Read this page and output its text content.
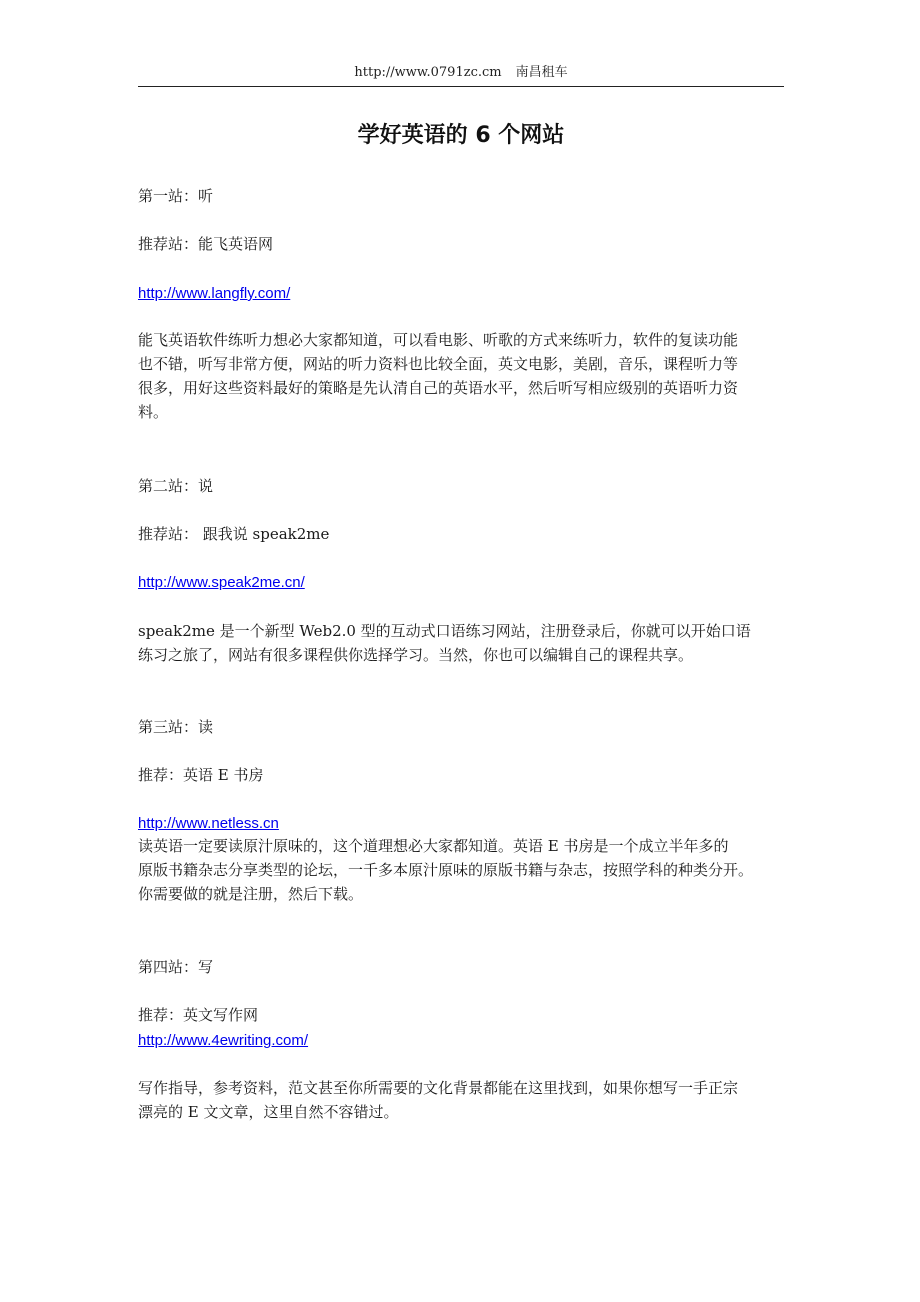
http://www.0791zc.cm 南昌租车
学好英语的 6 个网站
第一站：听
推荐站：能飞英语网
http://www.langfly.com/
能飞英语软件练听力想必大家都知道，可以看电影、听歌的方式来练听力，软件的复读功能
也不错，听写非常方便，网站的听力资料也比较全面，英文电影，美剧，音乐，课程听力等
很多，用好这些资料最好的策略是先认清自己的英语水平，然后听写相应级别的英语听力资
料。
第二站：说
推荐站： 跟我说 speak2me
http://www.speak2me.cn/
speak2me 是一个新型 Web2.0 型的互动式口语练习网站，注册登录后，你就可以开始口语
练习之旅了，网站有很多课程供你选择学习。当然，你也可以编辑自己的课程共享。
第三站：读
推荐：英语 E 书房
http://www.netless.cn
读英语一定要读原汁原味的，这个道理想必大家都知道。英语 E 书房是一个成立半年多的
原版书籍杂志分享类型的论坛，一千多本原汁原味的原版书籍与杂志，按照学科的种类分开。
你需要做的就是注册，然后下载。
第四站：写
推荐：英文写作网
http://www.4ewriting.com/
写作指导，参考资料，范文甚至你所需要的文化背景都能在这里找到，如果你想写一手正宗
漂亮的 E 文文章，这里自然不容错过。
